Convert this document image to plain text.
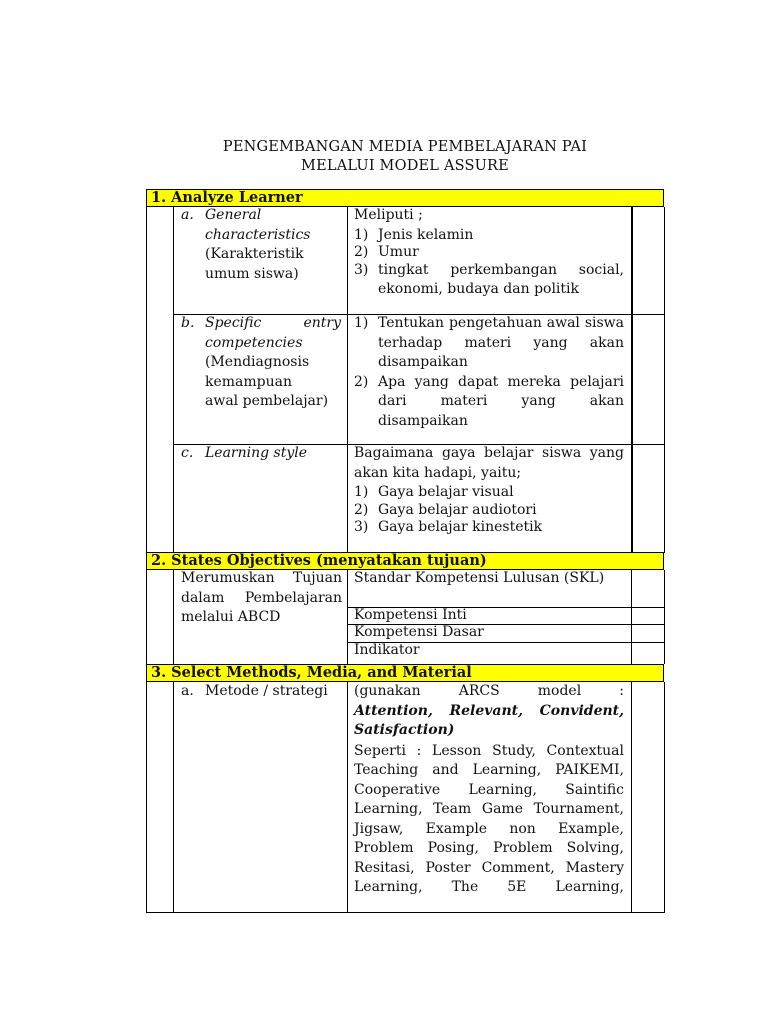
PENGEMBANGAN MEDIA PEMBELAJARAN PAI
MELALUI MODEL ASSURE
1. Analyze Learner
a. General
characteristics
(Karakteristik
umum siswa)
Meliputi ;
1) Jenis kelamin
2) Umur
3) tingkat perkembangan social, ekonomi, budaya dan politik
b. Specific entry
competencies
(Mendiagnosis
kemampuan
awal pembelajar)
1) Tentukan pengetahuan awal siswa terhadap materi yang akan disampaikan
2) Apa yang dapat mereka pelajari dari materi yang akan disampaikan
c. Learning style	Bagaimana gaya belajar siswa yang akan kita hadapi, yaitu;
1) Gaya belajar visual
2) Gaya belajar audiotori
3) Gaya belajar kinestetik
2. States Objectives (menyatakan tujuan)
Merumuskan Tujuan dalam Pembelajaran melalui ABCD
Standar Kompetensi Lulusan (SKL)
Kompetensi Inti
Kompetensi Dasar
Indikator
3. Select Methods, Media, and Material
a. Metode / strategi	(gunakan ARCS model :
Attention, Relevant, Convident, Satisfaction)
Seperti : Lesson Study, Contextual Teaching and Learning, PAIKEMI, Cooperative Learning, Saintific Learning, Team Game Tournament, Jigsaw, Example non Example, Problem Posing, Problem Solving, Resitasi, Poster Comment, Mastery Learning, The 5E Learning,
